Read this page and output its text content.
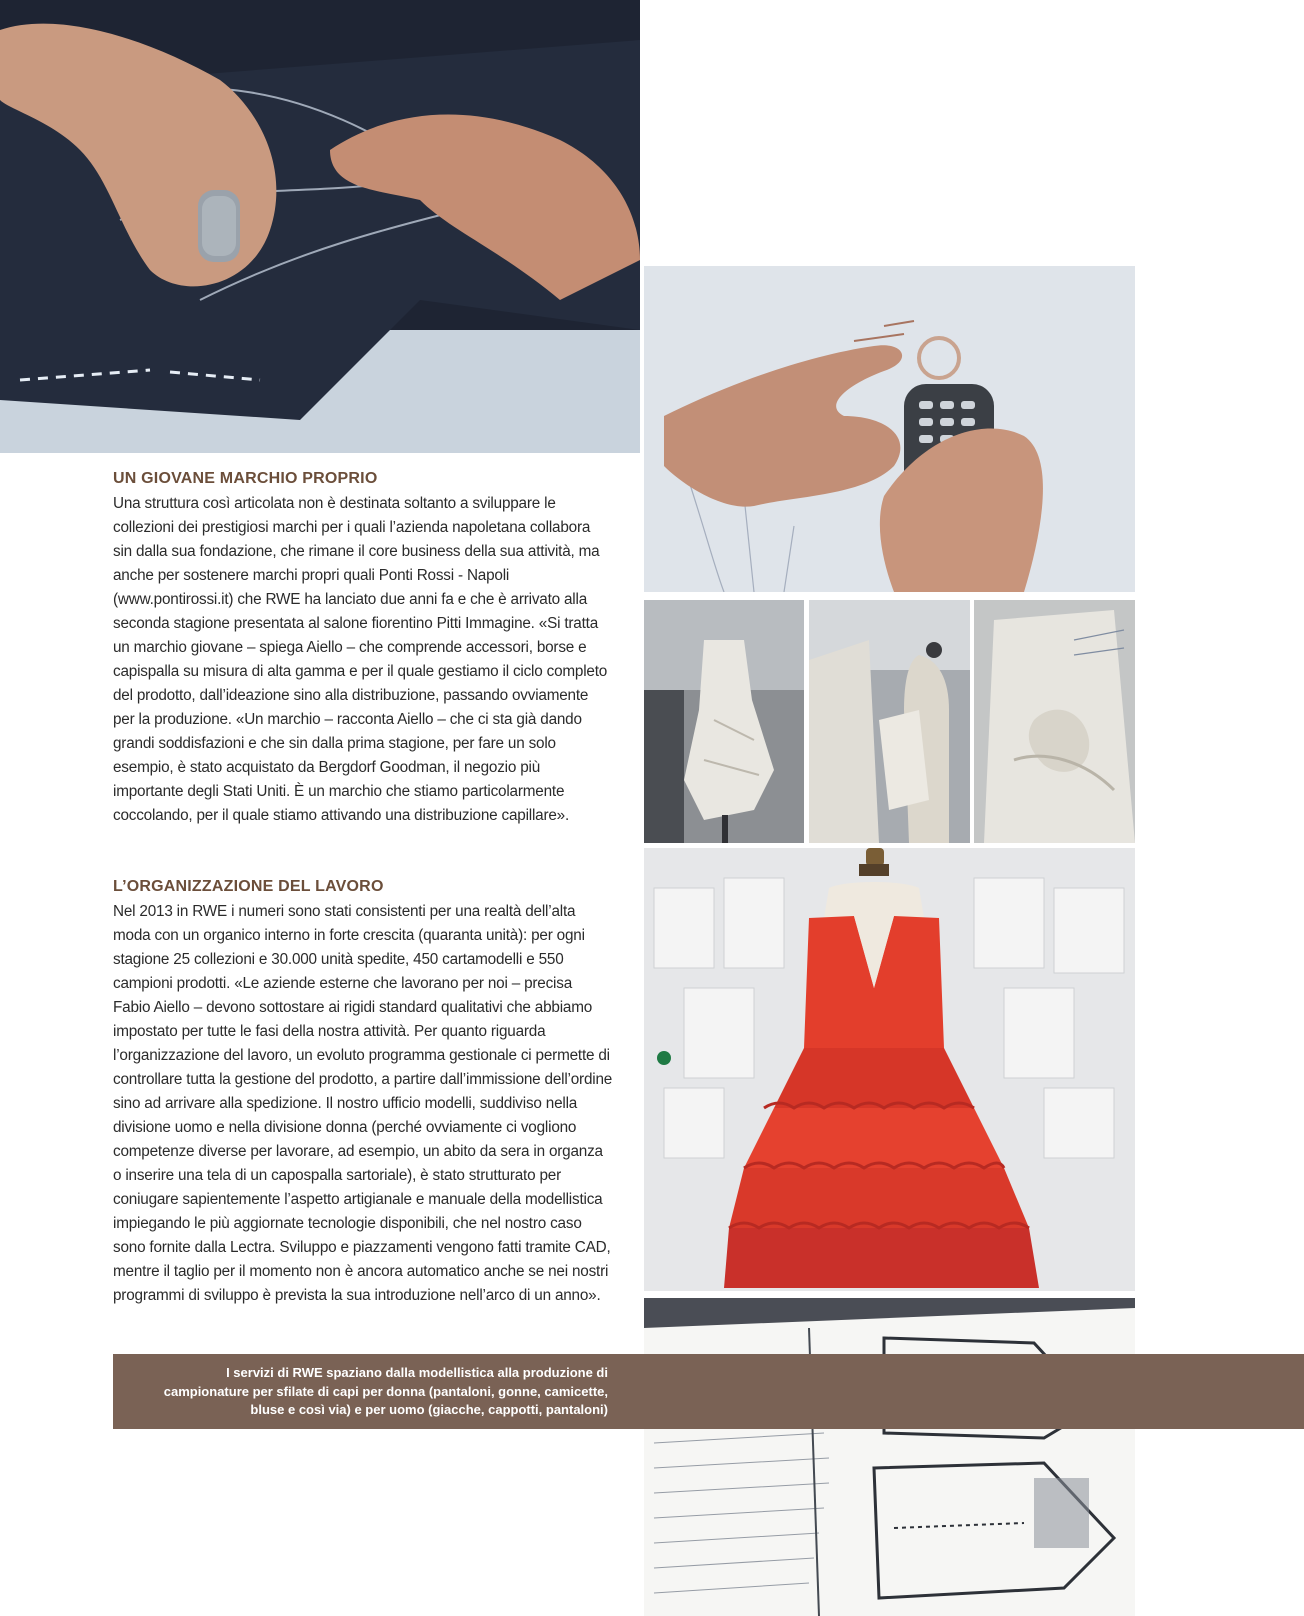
UN GIOVANE MARCHIO PROPRIO

Una struttura così articolata non è destinata soltanto a sviluppare le collezioni dei prestigiosi marchi per i quali l’azienda napoletana collabora sin dalla sua fondazione, che rimane il core business della sua attività, ma anche per sostenere marchi propri quali Ponti Rossi - Napoli (www.pontirossi.it) che RWE ha lanciato due anni fa e che è arrivato alla seconda stagione presentata al salone fiorentino Pitti Immagine. «Si tratta un marchio giovane – spiega Aiello – che comprende accessori, borse e capispalla su misura di alta gamma e per il quale gestiamo il ciclo completo del prodotto, dall’ideazione sino alla distribuzione, passando ovviamente per la produzione. «Un marchio – racconta Aiello – che ci sta già dando grandi soddisfazioni e che sin dalla prima stagione, per fare un solo esempio, è stato acquistato da Bergdorf Goodman, il negozio più importante degli Stati Uniti. È un marchio che stiamo particolarmente coccolando, per il quale stiamo attivando una distribuzione capillare».

L’ORGANIZZAZIONE DEL LAVORO

Nel 2013 in RWE i numeri sono stati consistenti per una realtà dell’alta moda con un organico interno in forte crescita (quaranta unità): per ogni stagione 25 collezioni e 30.000 unità spedite, 450 cartamodelli e 550 campioni prodotti. «Le aziende esterne che lavorano per noi – precisa Fabio Aiello – devono sottostare ai rigidi standard qualitativi che abbiamo impostato per tutte le fasi della nostra attività. Per quanto riguarda l’organizzazione del lavoro, un evoluto programma gestionale ci permette di controllare tutta la gestione del prodotto, a partire dall’immissione dell’ordine sino ad arrivare alla spedizione. Il nostro ufficio modelli, suddiviso nella divisione uomo e nella divisione donna (perché ovviamente ci vogliono competenze diverse per lavorare, ad esempio, un abito da sera in organza o inserire una tela di un capospalla sartoriale), è stato strutturato per coniugare sapientemente l’aspetto artigianale e manuale della modellistica impiegando le più aggiornate tecnologie disponibili, che nel nostro caso sono fornite dalla Lectra. Sviluppo e piazzamenti vengono fatti tramite CAD, mentre il taglio per il momento non è ancora automatico anche se nei nostri programmi di sviluppo è prevista la sua introduzione nell’arco di un anno».

I servizi di RWE spaziano dalla modellistica alla produzione di campionature per sfilate di capi per donna (pantaloni, gonne, camicette, bluse e così via) e per uomo (giacche, cappotti, pantaloni)
